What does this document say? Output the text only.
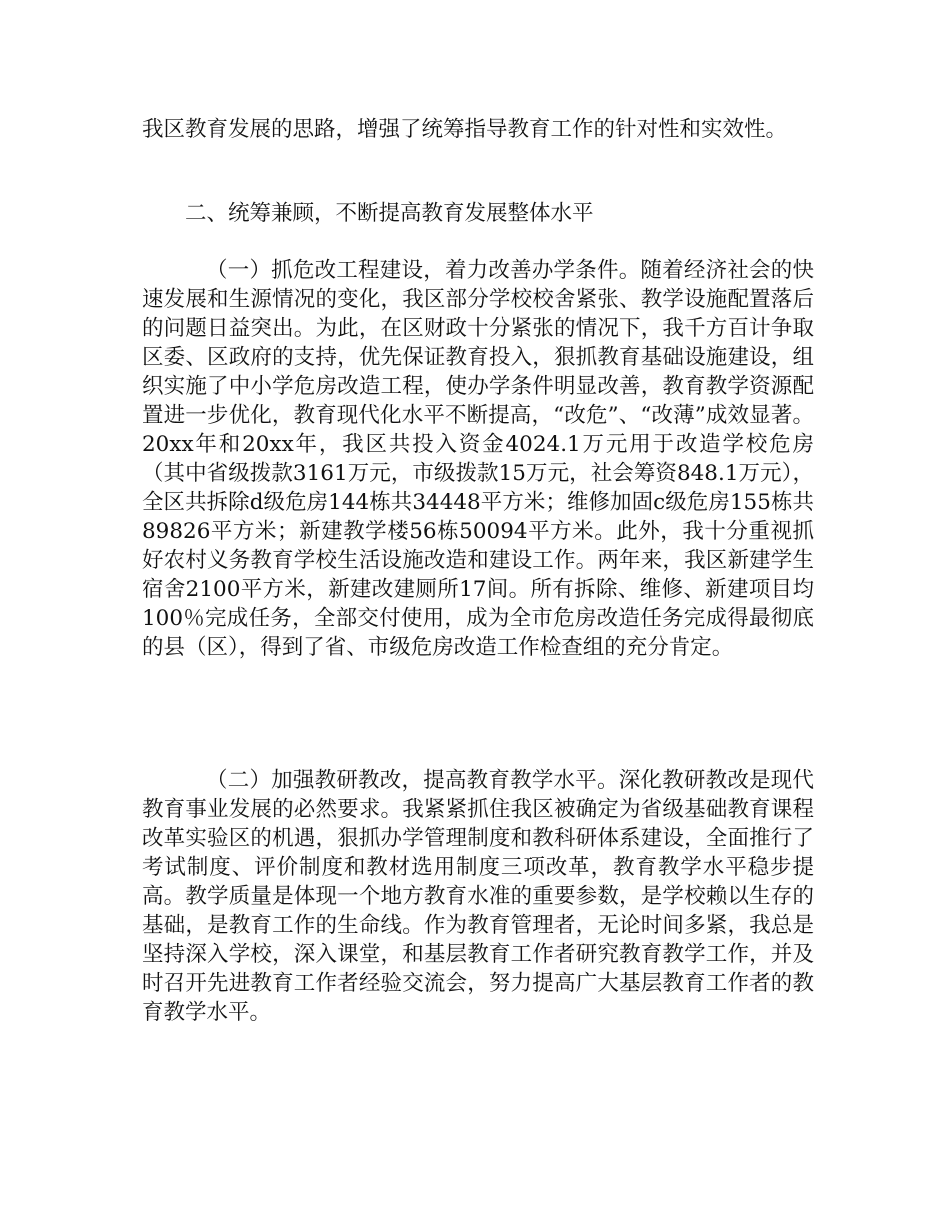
我区教育发展的思路，增强了统筹指导教育工作的针对性和实效性。

二、统筹兼顾，不断提高教育发展整体水平

（一）抓危改工程建设，着力改善办学条件。随着经济社会的快速发展和生源情况的变化，我区部分学校校舍紧张、教学设施配置落后的问题日益突出。为此，在区财政十分紧张的情况下，我千方百计争取区委、区政府的支持，优先保证教育投入，狠抓教育基础设施建设，组织实施了中小学危房改造工程，使办学条件明显改善，教育教学资源配置进一步优化，教育现代化水平不断提高，“改危”、“改薄”成效显著。20xx年和20xx年，我区共投入资金4024.1万元用于改造学校危房（其中省级拨款3161万元，市级拨款15万元，社会筹资848.1万元），全区共拆除d级危房144栋共34448平方米；维修加固c级危房155栋共89826平方米；新建教学楼56栋50094平方米。此外，我十分重视抓好农村义务教育学校生活设施改造和建设工作。两年来，我区新建学生宿舍2100平方米，新建改建厕所17间。所有拆除、维修、新建项目均100％完成任务，全部交付使用，成为全市危房改造任务完成得最彻底的县（区），得到了省、市级危房改造工作检查组的充分肯定。

（二）加强教研教改，提高教育教学水平。深化教研教改是现代教育事业发展的必然要求。我紧紧抓住我区被确定为省级基础教育课程改革实验区的机遇，狠抓办学管理制度和教科研体系建设，全面推行了考试制度、评价制度和教材选用制度三项改革，教育教学水平稳步提高。教学质量是体现一个地方教育水准的重要参数，是学校赖以生存的基础，是教育工作的生命线。作为教育管理者，无论时间多紧，我总是坚持深入学校，深入课堂，和基层教育工作者研究教育教学工作，并及时召开先进教育工作者经验交流会，努力提高广大基层教育工作者的教育教学水平。
